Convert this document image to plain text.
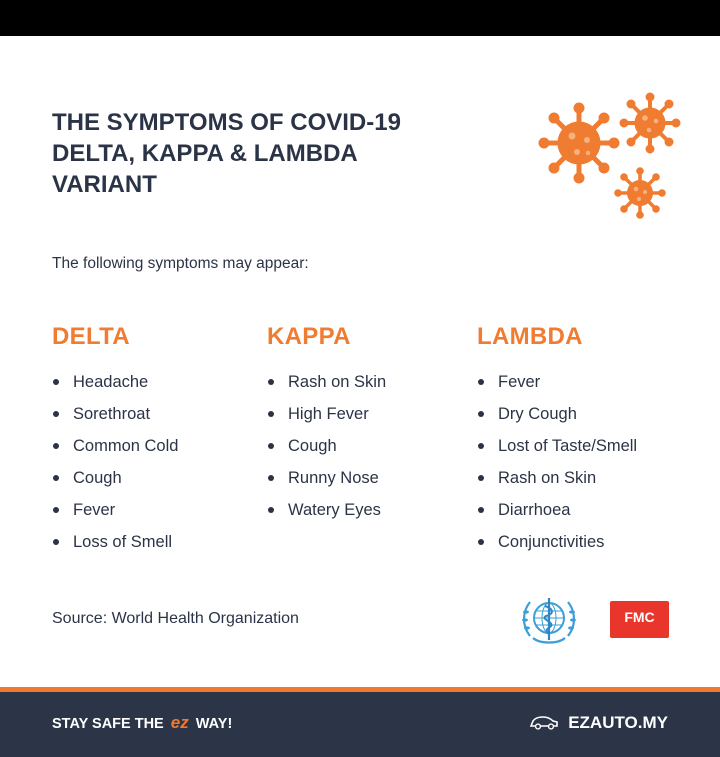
THE SYMPTOMS OF COVID-19
DELTA, KAPPA & LAMBDA
VARIANT
The following symptoms may appear:
DELTA
Headache
Sorethroat
Common Cold
Cough
Fever
Loss of Smell
KAPPA
Rash on Skin
High Fever
Cough
Runny Nose
Watery Eyes
LAMBDA
Fever
Dry Cough
Lost of Taste/Smell
Rash on Skin
Diarrhoea
Conjunctivities
Source: World Health Organization	FMC
STAY SAFE THE ez WAY!	EZAUTO.MY
